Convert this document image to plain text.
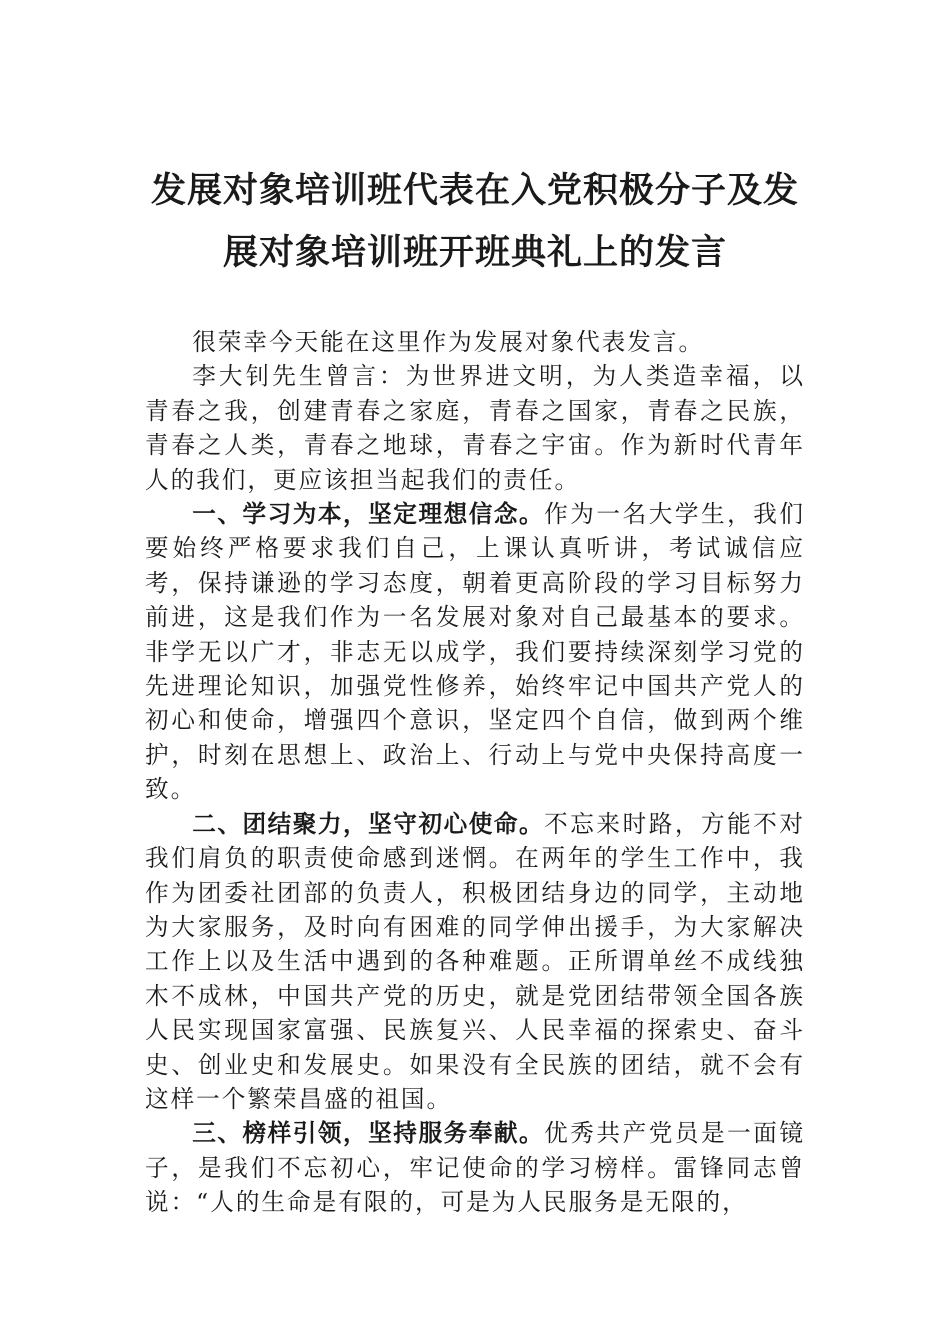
发展对象培训班代表在入党积极分子及发
展对象培训班开班典礼上的发言

很荣幸今天能在这里作为发展对象代表发言。

李大钊先生曾言：为世界进文明，为人类造幸福，以青春之我，创建青春之家庭，青春之国家，青春之民族，青春之人类，青春之地球，青春之宇宙。作为新时代青年人的我们，更应该担当起我们的责任。

一、学习为本，坚定理想信念。作为一名大学生，我们要始终严格要求我们自己，上课认真听讲，考试诚信应考，保持谦逊的学习态度，朝着更高阶段的学习目标努力前进，这是我们作为一名发展对象对自己最基本的要求。非学无以广才，非志无以成学，我们要持续深刻学习党的先进理论知识，加强党性修养，始终牢记中国共产党人的初心和使命，增强四个意识，坚定四个自信，做到两个维护，时刻在思想上、政治上、行动上与党中央保持高度一致。

二、团结聚力，坚守初心使命。不忘来时路，方能不对我们肩负的职责使命感到迷惘。在两年的学生工作中，我作为团委社团部的负责人，积极团结身边的同学，主动地为大家服务，及时向有困难的同学伸出援手，为大家解决工作上以及生活中遇到的各种难题。正所谓单丝不成线独木不成林，中国共产党的历史，就是党团结带领全国各族人民实现国家富强、民族复兴、人民幸福的探索史、奋斗史、创业史和发展史。如果没有全民族的团结，就不会有这样一个繁荣昌盛的祖国。

三、榜样引领，坚持服务奉献。优秀共产党员是一面镜子，是我们不忘初心，牢记使命的学习榜样。雷锋同志曾说：“人的生命是有限的，可是为人民服务是无限的，
